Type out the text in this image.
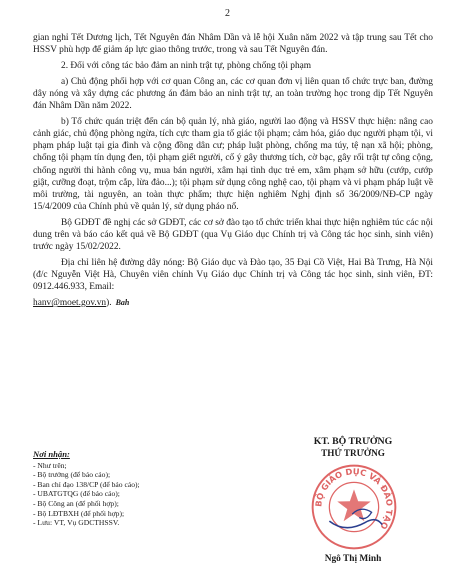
2

gian nghỉ Tết Dương lịch, Tết Nguyên đán Nhâm Dần và lễ hội Xuân năm 2022 và tập trung sau Tết cho HSSV phù hợp để giảm áp lực giao thông trước, trong và sau Tết Nguyên đán.

2. Đối với công tác bảo đảm an ninh trật tự, phòng chống tội phạm

a) Chủ động phối hợp với cơ quan Công an, các cơ quan đơn vị liên quan tổ chức trực ban, đường dây nóng và xây dựng các phương án đảm bảo an ninh trật tự, an toàn trường học trong dịp Tết Nguyên đán Nhâm Dần năm 2022.

b) Tổ chức quán triệt đến cán bộ quản lý, nhà giáo, người lao động và HSSV thực hiện: nâng cao cảnh giác, chủ động phòng ngừa, tích cực tham gia tố giác tội phạm; cảm hóa, giáo dục người phạm tội, vi phạm pháp luật tại gia đình và cộng đồng dân cư; pháp luật phòng, chống ma túy, tệ nạn xã hội; phòng, chống tội phạm tín dụng đen, tội phạm giết người, cố ý gây thương tích, cờ bạc, gây rối trật tự công cộng, chống người thi hành công vụ, mua bán người, xâm hại tình dục trẻ em, xâm phạm sở hữu (cướp, cướp giật, cưỡng đoạt, trộm cắp, lừa đảo...); tội phạm sử dụng công nghệ cao, tội phạm và vi phạm pháp luật về môi trường, tài nguyên, an toàn thực phẩm; thực hiện nghiêm Nghị định số 36/2009/NĐ-CP ngày 15/4/2009 của Chính phủ về quản lý, sử dụng pháo nổ.

Bộ GDĐT đề nghị các sở GDĐT, các cơ sở đào tạo tổ chức triển khai thực hiện nghiêm túc các nội dung trên và báo cáo kết quả về Bộ GDĐT (qua Vụ Giáo dục Chính trị và Công tác học sinh, sinh viên) trước ngày 15/02/2022.

Địa chỉ liên hệ đường dây nóng: Bộ Giáo dục và Đào tạo, 35 Đại Cồ Việt, Hai Bà Trưng, Hà Nội (đ/c Nguyễn Việt Hà, Chuyên viên chính Vụ Giáo dục Chính trị và Công tác học sinh, sinh viên, ĐT: 0912.446.933, Email:

hanv@moet.gov.vn). Bah

Nơi nhận:
- Như trên;
- Bộ trưởng (để báo cáo);
- Ban chỉ đạo 138/CP (để báo cáo);
- UBATGTQG (để báo cáo);
- Bộ Công an (để phối hợp);
- Bộ LĐTBXH (để phối hợp);
- Lưu: VT, Vụ GDCTHSSV.
KT. BỘ TRƯỞNG
THỨ TRƯỞNG
BỘ GIÁO DỤC VÀ ĐÀO TẠO
Ngô Thị Minh
